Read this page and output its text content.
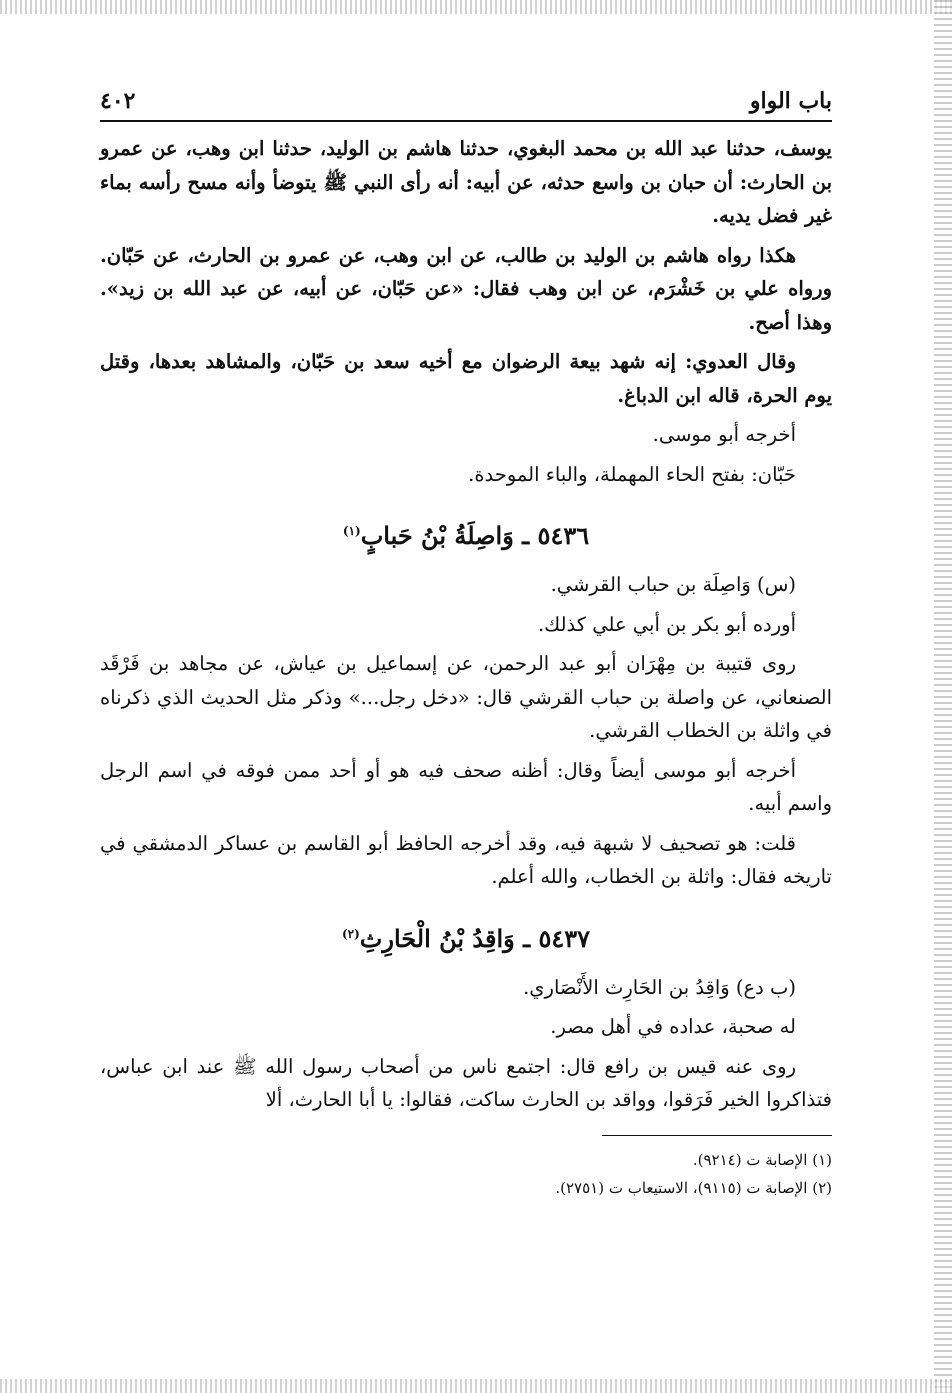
باب الواو
٤٠٢

يوسف، حدثنا عبد الله بن محمد البغوي، حدثنا هاشم بن الوليد، حدثنا ابن وهب، عن عمرو بن الحارث: أن حبان بن واسع حدثه، عن أبيه: أنه رأى النبي ﷺ يتوضأ وأنه مسح رأسه بماء غير فضل يديه.

هكذا رواه هاشم بن الوليد بن طالب، عن ابن وهب، عن عمرو بن الحارث، عن حَبّان. ورواه علي بن خَشْرَم، عن ابن وهب فقال: «عن حَبّان، عن أبيه، عن عبد الله بن زيد». وهذا أصح.

وقال العدوي: إنه شهد بيعة الرضوان مع أخيه سعد بن حَبّان، والمشاهد بعدها، وقتل يوم الحرة، قاله ابن الدباغ.

أخرجه أبو موسى.

حَبّان: بفتح الحاء المهملة، والباء الموحدة.

٥٤٣٦ ـ وَاصِلَةُ بْنُ حَبابٍ$^{(١)}$

(س) وَاصِلَة بن حباب القرشي.

أورده أبو بكر بن أبي علي كذلك.

روى قتيبة بن مِهْرَان أبو عبد الرحمن، عن إسماعيل بن عياش، عن مجاهد بن فَرْقَد الصنعاني، عن واصلة بن حباب القرشي قال: «دخل رجل...» وذكر مثل الحديث الذي ذكرناه في واثلة بن الخطاب القرشي.

أخرجه أبو موسى أيضاً وقال: أظنه صحف فيه هو أو أحد ممن فوقه في اسم الرجل واسم أبيه.

قلت: هو تصحيف لا شبهة فيه، وقد أخرجه الحافظ أبو القاسم بن عساكر الدمشقي في تاريخه فقال: واثلة بن الخطاب، والله أعلم.

٥٤٣٧ ـ وَاقِدُ بْنُ الْحَارِثِ$^{(٢)}$

(ب دع) وَاقِدُ بن الحَارِث الأَنْصَاري.

له صحبة، عداده في أهل مصر.

روى عنه قيس بن رافع قال: اجتمع ناس من أصحاب رسول الله ﷺ عند ابن عباس، فتذاكروا الخير فَرَقوا، وواقد بن الحارث ساكت، فقالوا: يا أبا الحارث، ألا

(١) الإصابة ت (٩٢١٤).

(٢) الإصابة ت (٩١١٥)، الاستيعاب ت (٢٧٥١).
